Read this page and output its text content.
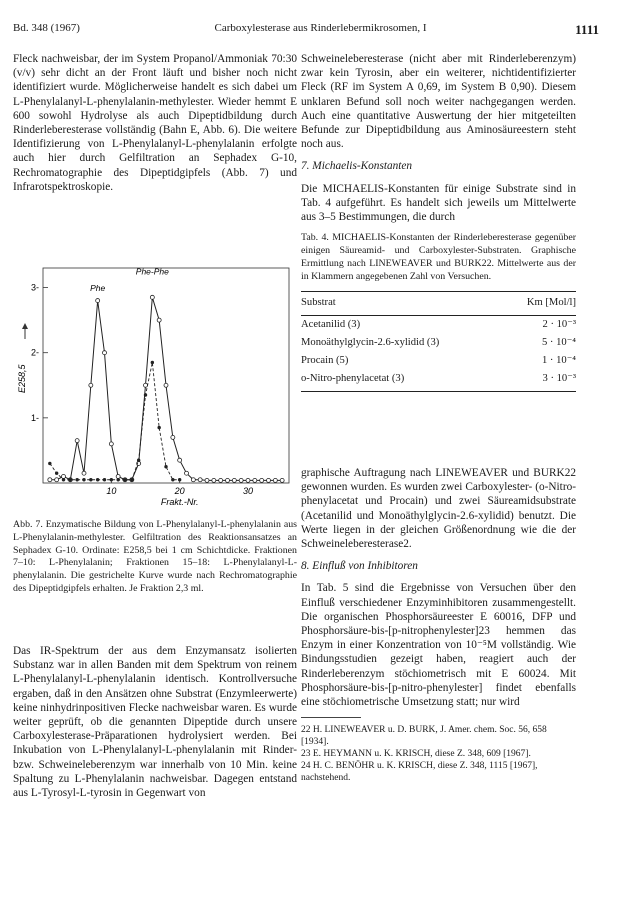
Bd. 348 (1967)	Carboxylesterase aus Rinderlebermikrosomen, I	1111

Fleck nachweisbar, der im System Propanol/Ammoniak 70:30 (v/v) sehr dicht an der Front läuft und bisher noch nicht identifiziert wurde. Möglicherweise handelt es sich dabei um L-Phenylalanyl-L-phenylalanin-methylester. Wieder hemmt E 600 sowohl Hydrolyse als auch Dipeptidbildung durch Rinderleberesterase vollständig (Bahn E, Abb. 6). Die weitere Identifizierung von L-Phenylalanyl-L-phenylalanin erfolgte auch hier durch Gelfiltration an Sephadex G-10, Rechromatographie des Dipeptidgipfels (Abb. 7) und Infrarotspektroskopie.

1-
2-
3-
10	20	30
Frakt.-Nr.
E258,5
Phe
Phe-Phe
Abb. 7. Enzymatische Bildung von L-Phenylalanyl-L-phenylalanin aus L-Phenylalanin-methylester. Gelfiltration des Reaktionsansatzes an Sephadex G-10. Ordinate: E258,5 bei 1 cm Schichtdicke. Fraktionen 7–10: L-Phenylalanin; Fraktionen 15–18: L-Phenylalanyl-L-phenylalanin. Die gestrichelte Kurve wurde nach Rechromatographie des Dipeptidgipfels erhalten. Je Fraktion 2,3 ml.

Das IR-Spektrum der aus dem Enzymansatz isolierten Substanz war in allen Banden mit dem Spektrum von reinem L-Phenylalanyl-L-phenylalanin identisch. Kontrollversuche ergaben, daß in den Ansätzen ohne Substrat (Enzymleerwerte) keine ninhydrinpositiven Flecke nachweisbar waren. Es wurde weiter geprüft, ob die genannten Dipeptide durch unsere Carboxylesterase-Präparationen hydrolysiert werden. Bei Inkubation von L-Phenylalanyl-L-phenylalanin mit Rinder- bzw. Schweineleberenzym war innerhalb von 10 Min. keine Spaltung zu L-Phenylalanin nachweisbar. Dagegen entstand aus L-Tyrosyl-L-tyrosin in Gegenwart von

Schweineleberesterase (nicht aber mit Rinderleberenzym) zwar kein Tyrosin, aber ein weiterer, nichtidentifizierter Fleck (RF im System A 0,69, im System B 0,90). Diesem unklaren Befund soll noch weiter nachgegangen werden. Auch eine quantitative Auswertung der hier mitgeteilten Befunde zur Dipeptidbildung aus Aminosäureestern steht noch aus.

7. Michaelis-Konstanten

Die MICHAELIS-Konstanten für einige Substrate sind in Tab. 4 aufgeführt. Es handelt sich jeweils um Mittelwerte aus 3–5 Bestimmungen, die durch

Tab. 4. MICHAELIS-Konstanten der Rinderleberesterase gegenüber einigen Säureamid- und Carboxylester-Substraten. Graphische Ermittlung nach LINEWEAVER und BURK22. Mittelwerte aus der in Klammern angegebenen Zahl von Versuchen.
Substrat	Km [Mol/l]
Acetanilid (3)	2 · 10⁻³
Monoäthylglycin-2.6-xylidid (3)	5 · 10⁻⁴
Procain (5)	1 · 10⁻⁴
o-Nitro-phenylacetat (3)	3 · 10⁻³

graphische Auftragung nach LINEWEAVER und BURK22 gewonnen wurden. Es wurden zwei Carboxylester- (o-Nitro-phenylacetat und Procain) und zwei Säureamidsubstrate (Acetanilid und Monoäthylglycin-2.6-xylidid) benutzt. Die Werte liegen in der gleichen Größenordnung wie die der Schweineleberesterase2.

8. Einfluß von Inhibitoren

In Tab. 5 sind die Ergebnisse von Versuchen über den Einfluß verschiedener Enzyminhibitoren zusammengestellt. Die organischen Phosphorsäureester E 60016, DFP und Phosphorsäure-bis-[p-nitrophenylester]23 hemmen das Enzym in einer Konzentration von 10⁻⁵M vollständig. Wie Bindungsstudien gezeigt haben, reagiert auch der Rinderleberenzym stöchiometrisch mit E 60024. Mit Phosphorsäure-bis-[p-nitro-phenylester] findet ebenfalls eine stöchiometrische Umsetzung statt; nur wird

22 H. LINEWEAVER u. D. BURK, J. Amer. chem. Soc. 56, 658 [1934].
23 E. HEYMANN u. K. KRISCH, diese Z. 348, 609 [1967].
24 H. C. BENÖHR u. K. KRISCH, diese Z. 348, 1115 [1967], nachstehend.
